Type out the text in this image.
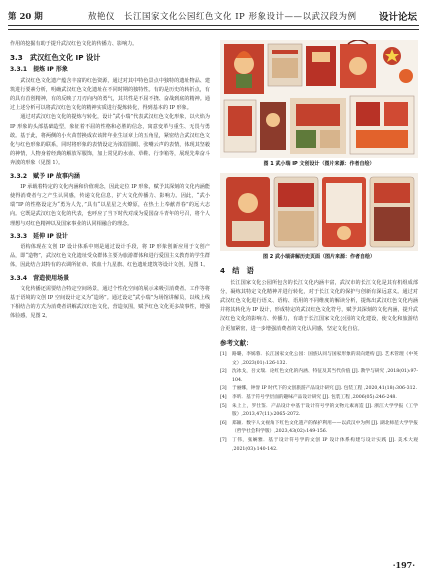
第 20 期	敖艳仪　长江国家文化公园红色文化 IP 形象设计——以武汉段为例 设计论坛

作用的挖掘有助于提升武汉红色文化的传播力、影响力。

3.3　武汉红色文化 IP 设计
3.3.1　提炼 IP 形象

武汉红色文化遗产蕴含丰富的红色资源，通过对其中特色景点中独特的遗址物品、建筑进行要素分析，明确武汉红色文化遗址在不同时期的独特性。有的是历史的转折点，有的具有首创精神，有的反映了刀刃向内的勇气，其共性是不屈不挠、奋战到底的精神。通过上述分析可以将武汉红色文化的精神实质进行提炼转化，得到基本的 IP 形象。

通过对武汉红色文化的提炼与转化，设计“武小瑞”代表武汉红色文化形象，以火焰为 IP 形象的头部基础造型，象征着不屈的性格和必胜的信念，寓意变革与重生、无畏与勇敢。基于此，将两侧的小火苗替换成农该阵年业生证章上的五角星，紧密结合武汉红色文化与红色形象的联系，同时将形象的表情设定为浓眉圆眼、张嘴云声的表情，体现其坚毅的神情，人物身着经典的解放军服饰，加上常见的水壶、草鞋、行李箱等，展现先辈奋斗奔波的形象（见图 1）。

3.3.2　赋予 IP 故事内涵

IP 承载着特定的文化内涵和价值观念，因此定位 IP 形象，赋予其深刻的文化内涵能使得消费者与之产生认同感，传递文化信息，扩大文化传播力、影响力。因此，“武小瑞”IP 的性格设定为“勇为人先，”具有“以星星之火燎原，在热土上奉献青春”的远大志向。它既是武汉红色文化的代表，也呼应了当下时代对成为爱国奋斗青年的号召，将个人理想与对红色精神以及国家事业的认同相融合的理念。

3.3.3　延伸 IP 设计

语构体现在文创 IP 设计体系中则是通过设计手段，将 IP 形象创新应用于文创产品，即“造物”，武汉红色文化遗址受众群体主要为旅游群体和进行爱国主义教育的学生群体，因此结合其特有的衣调所征章、铁血十九星旗、红色遗址建筑等设计文创，见图 1。

3.3.4　营造使用场景

文化传播还需要结合特定空间场景，通过个性化空间的展示来吸引消费者。工作等将基于语境的文创 IP 空间设计定义为“造场”。通过设定“武小瑞”为场馆讲解员，以线上线下相结合的方式为消费者讲解武汉红色文化，营造氛围，赋予红色文化更多故事性，增强体验感，见图 2。

图 1 武小瑞 IP 文创设计（图片来源：作者自绘）
图 2 武小瑞讲解历史页面（图片来源：作者自绘）
4　结　语

长江国家文化公园所包含的长江文化内涵丰富，武汉市的长江文化是其有机组成部分，凝练其特定文化精神并进行转化，对于长江文化的保护与创新有深远意义。通过对武汉红色文化进行语义、语构、语用的不同维度的解读分析，提炼出武汉红色文化内涵并将其转化为 IP 设计，形成特定的武汉红色文化符号，赋予其深刻的文化内涵，提升武汉红色文化的影响力、传播力，有助于长江国家文化公园的文化建设，使文化和旅游结合更加紧密，进一步增强消费者的文化认同感，坚定文化自信。

参考文献：

[1] 路璐，李嫣蓉．长江国家文化公园：国族认同与国家形象的双向建构 [J]. 艺术管理（中英文）,2023(01):126-132.

[2] 沈冰戈，吾文瑞．论红色文化的内涵、特征及其当代价值 [J]. 教学与研究 ,2018(01):97-104.

[3] 于丽娜，钟誉 IP 时代下的文创旅游产品设计研究 [J]. 包装工程 ,2020,41(18):306-312.

[4] 李昕．基于符号学层面的趣味产品设计研究 [J]. 包装工程 ,2006(05):246-248.

[5] 朱上上，罗仕鉴．产品设计中基于设计符号学的文物元素再造 [J]. 浙江大学学报（工学版）,2013,47(11):2065-2072.

[6] 郑颖．数字人文视角下红色文化遗产的保护利用——以武汉中为例 [J]. 湖北师范大学学报（哲学社会科学版）,2023,43(02):149-156.

[7] 丁伟，张娴雅．基于设计符号学的文创 IP 设计体系构建与设计实践 [J]. 美术大观 ,2021(03):140-142.

·197·
